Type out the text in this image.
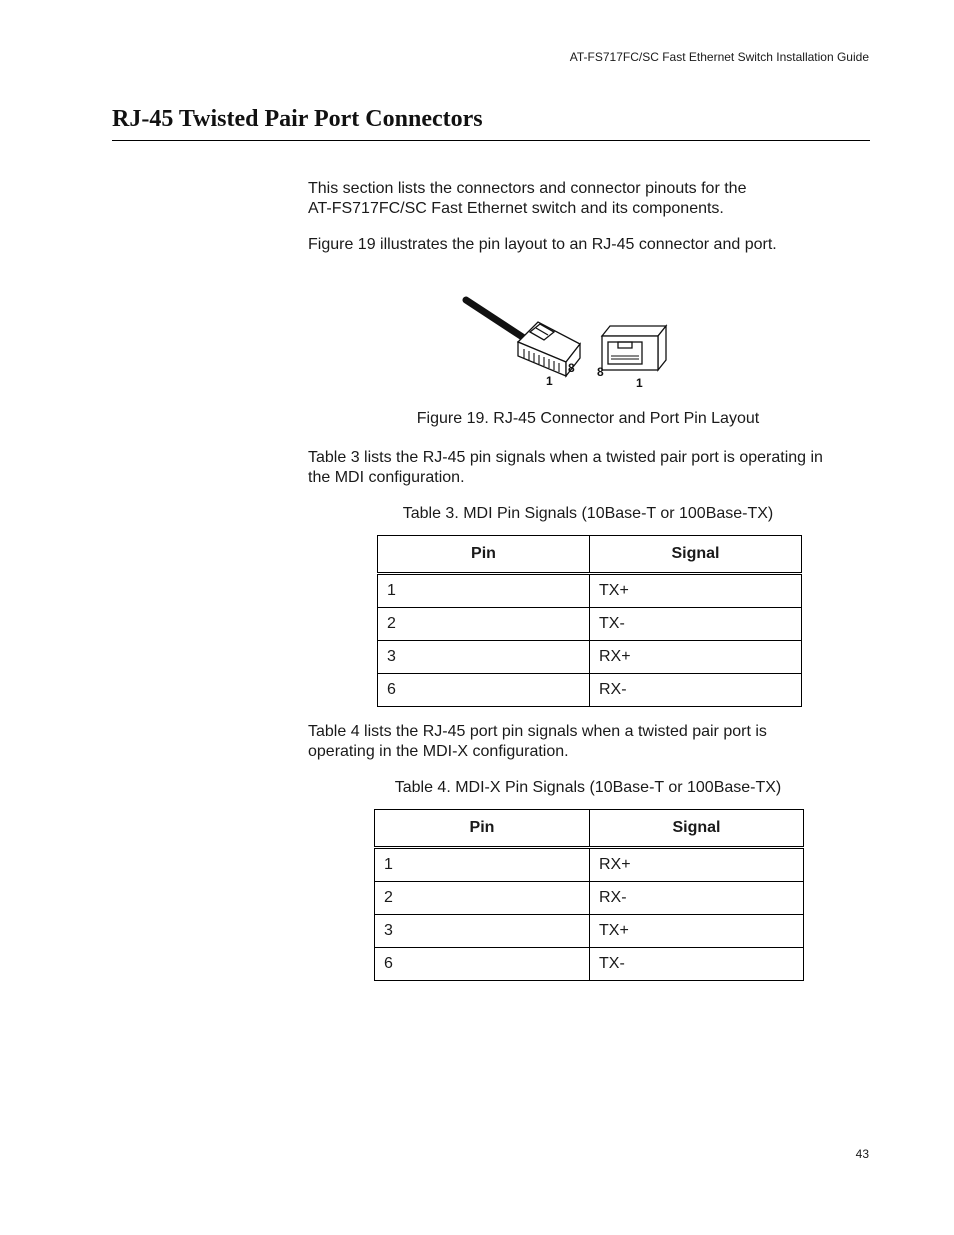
AT-FS717FC/SC Fast Ethernet Switch Installation Guide
RJ-45 Twisted Pair Port Connectors

This section lists the connectors and connector pinouts for the
AT-FS717FC/SC Fast Ethernet switch and its components.

Figure 19 illustrates the pin layout to an RJ-45 connector and port.

1
8 8
1
Figure 19. RJ-45 Connector and Port Pin Layout

Table 3 lists the RJ-45 pin signals when a twisted pair port is operating in
the MDI configuration.

Table 3. MDI Pin Signals (10Base-T or 100Base-TX)
Pin	Signal
1	TX+
2	TX-
3	RX+
6	RX-

Table 4 lists the RJ-45 port pin signals when a twisted pair port is
operating in the MDI-X configuration.

Table 4. MDI-X Pin Signals (10Base-T or 100Base-TX)
Pin	Signal
1	RX+
2	RX-
3	TX+
6	TX-
43
